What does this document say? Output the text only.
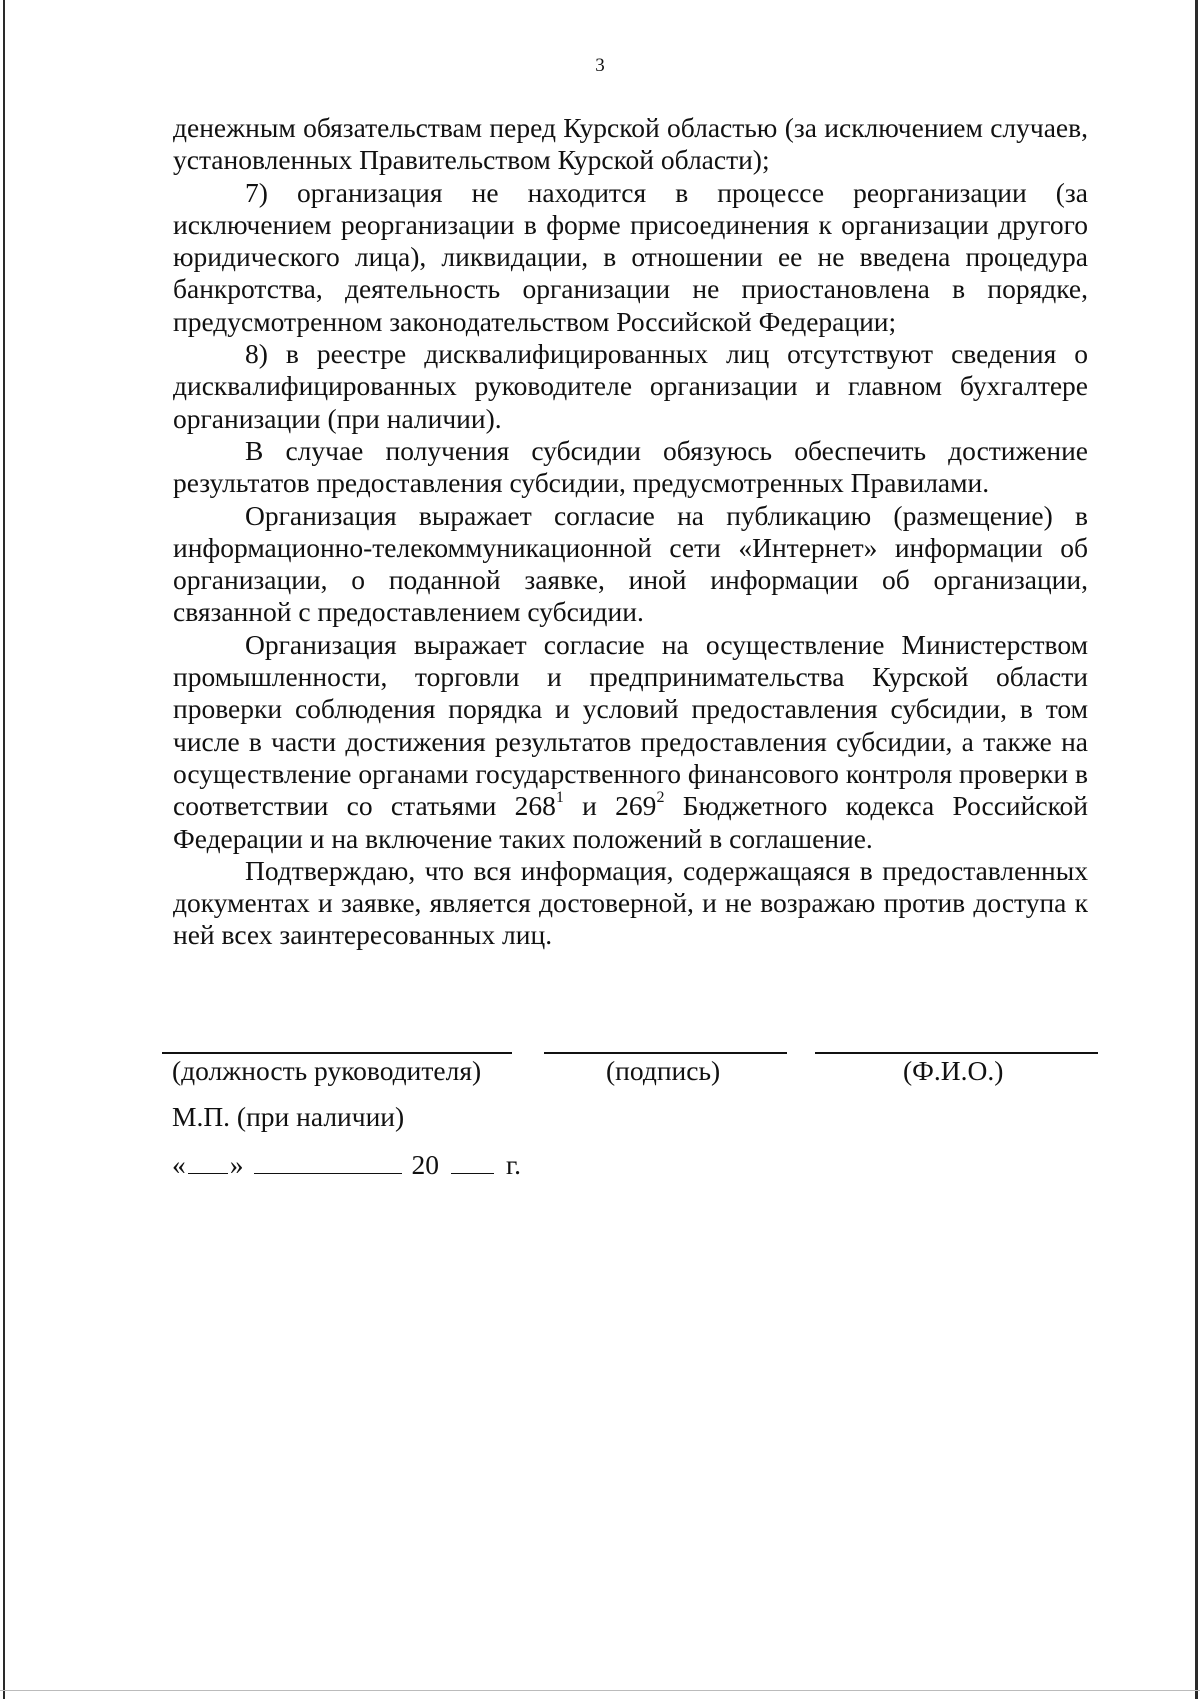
3

денежным обязательствам перед Курской областью (за исключением случаев, установленных Правительством Курской области);

7) организация не находится в процессе реорганизации (за исключением реорганизации в форме присоединения к организации другого юридического лица), ликвидации, в отношении ее не введена процедура банкротства, деятельность организации не приостановлена в порядке, предусмотренном законодательством Российской Федерации;

8) в реестре дисквалифицированных лиц отсутствуют сведения о дисквалифицированных руководителе организации и главном бухгалтере организации (при наличии).

В случае получения субсидии обязуюсь обеспечить достижение результатов предоставления субсидии, предусмотренных Правилами.

Организация выражает согласие на публикацию (размещение) в информационно-телекоммуникационной сети «Интернет» информации об организации, о поданной заявке, иной информации об организации, связанной с предоставлением субсидии.

Организация выражает согласие на осуществление Министерством промышленности, торговли и предпринимательства Курской области проверки соблюдения порядка и условий предоставления субсидии, в том числе в части достижения результатов предоставления субсидии, а также на осуществление органами государственного финансового контроля проверки в соответствии со статьями $268^1$ и $269^2$ Бюджетного кодекса Российской Федерации и на включение таких положений в соглашение.

Подтверждаю, что вся информация, содержащаяся в предоставленных документах и заявке, является достоверной, и не возражаю против доступа к ней всех заинтересованных лиц.

(должность руководителя)	(подпись)	(Ф.И.О.)
М.П. (при наличии)
« »	20 г.
